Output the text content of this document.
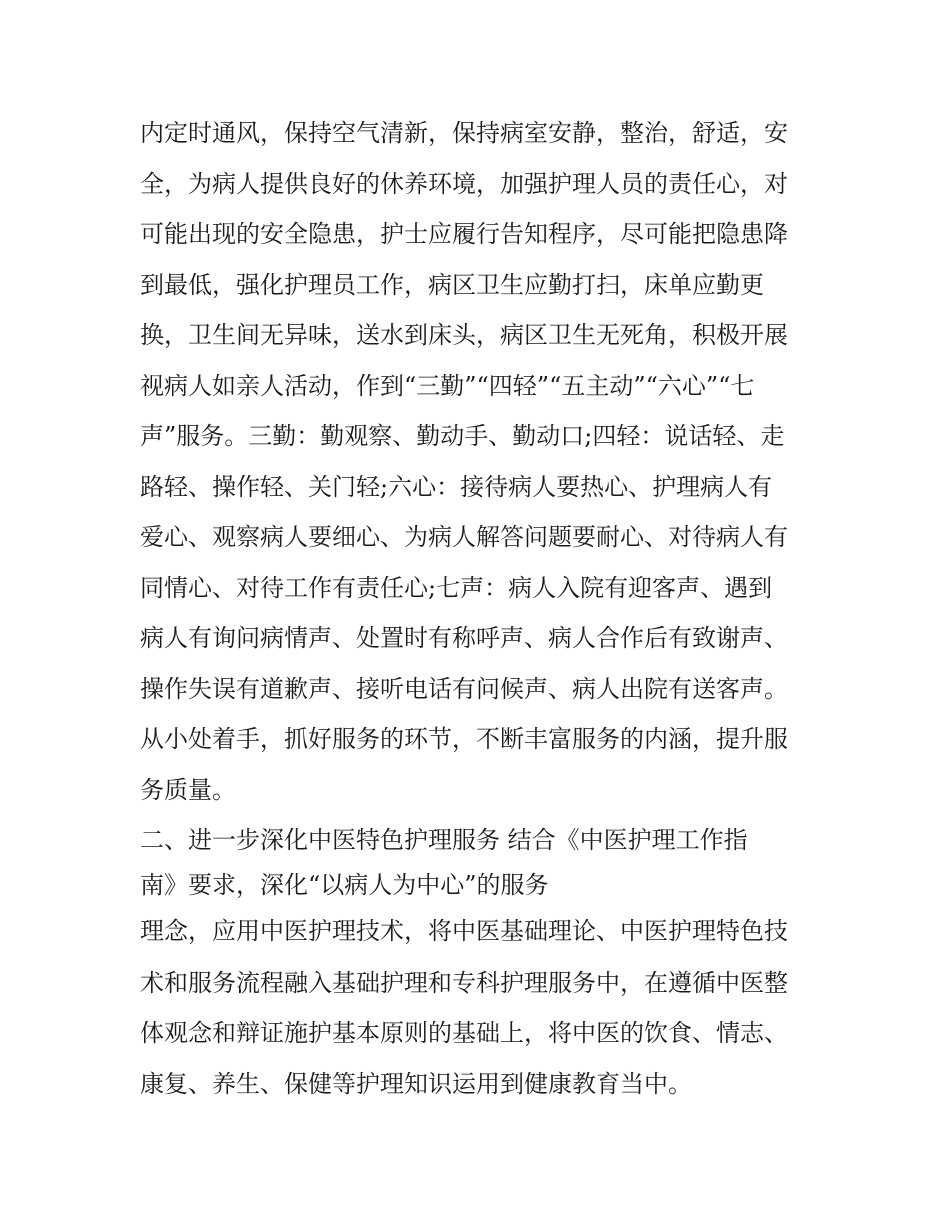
内定时通风，保持空气清新，保持病室安静，整治，舒适，安
全，为病人提供良好的休养环境，加强护理人员的责任心，对
可能出现的安全隐患，护士应履行告知程序，尽可能把隐患降
到最低，强化护理员工作，病区卫生应勤打扫，床单应勤更
换，卫生间无异味，送水到床头，病区卫生无死角，积极开展
视病人如亲人活动，作到“三勤”“四轻”“五主动”“六心”“七
声”服务。三勤：勤观察、勤动手、勤动口;四轻：说话轻、走
路轻、操作轻、关门轻;六心：接待病人要热心、护理病人有
爱心、观察病人要细心、为病人解答问题要耐心、对待病人有
同情心、对待工作有责任心;七声：病人入院有迎客声、遇到
病人有询问病情声、处置时有称呼声、病人合作后有致谢声、
操作失误有道歉声、接听电话有问候声、病人出院有送客声。
从小处着手，抓好服务的环节，不断丰富服务的内涵，提升服
务质量。
二、进一步深化中医特色护理服务 结合《中医护理工作指
南》要求，深化“以病人为中心”的服务
理念，应用中医护理技术，将中医基础理论、中医护理特色技
术和服务流程融入基础护理和专科护理服务中，在遵循中医整
体观念和辩证施护基本原则的基础上，将中医的饮食、情志、
康复、养生、保健等护理知识运用到健康教育当中。
